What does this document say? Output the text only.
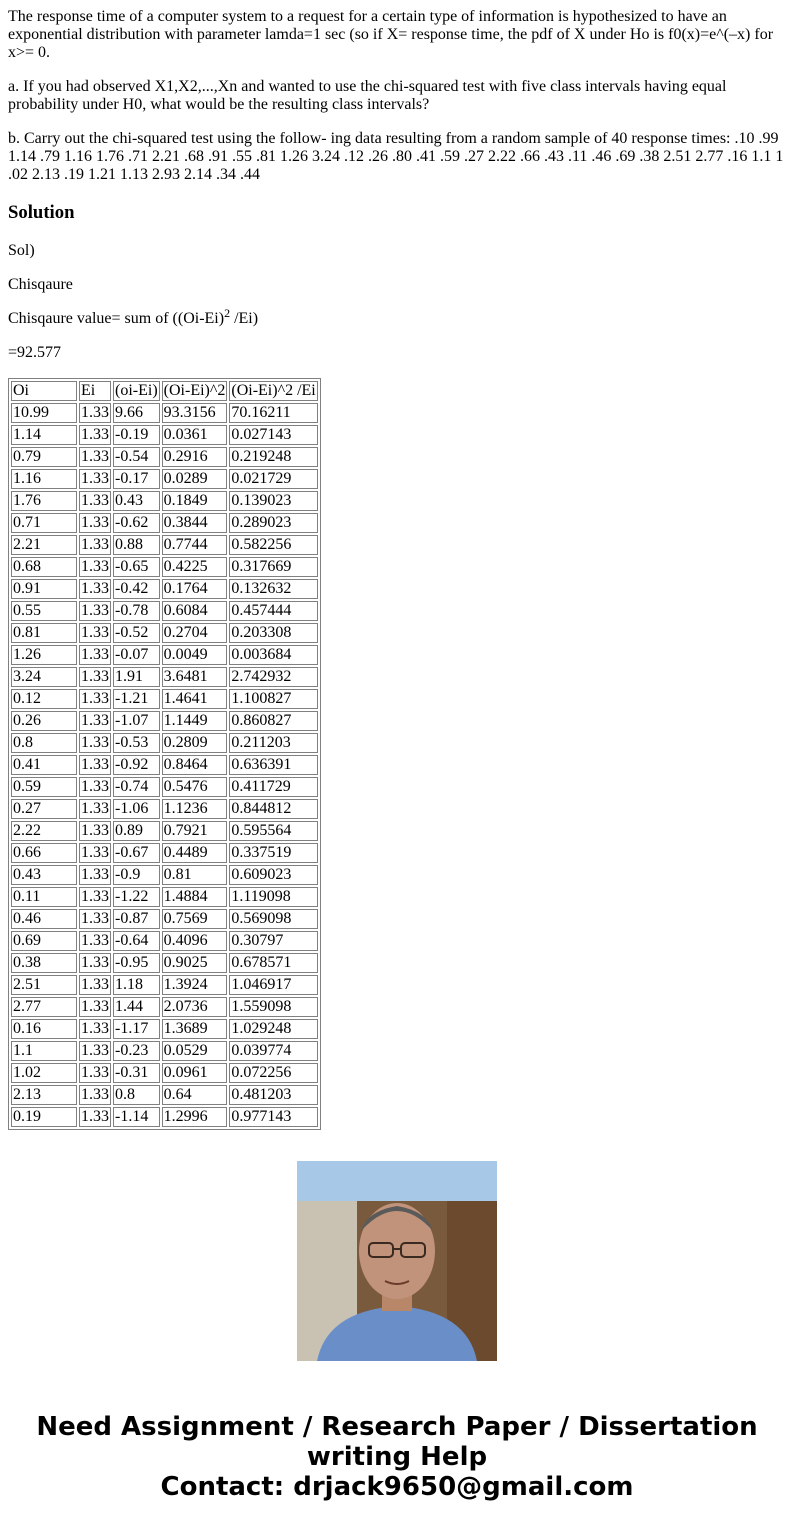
The response time of a computer system to a request for a certain type of information is hypothesized to have an exponential distribution with parameter lamda=1 sec (so if X= response time, the pdf of X under Ho is f0(x)=e^(–x) for x>= 0.

a. If you had observed X1,X2,...,Xn and wanted to use the chi-squared test with five class intervals having equal probability under H0, what would be the resulting class intervals?

b. Carry out the chi-squared test using the follow- ing data resulting from a random sample of 40 response times: .10 .99 1.14 .79 1.16 1.76 .71 2.21 .68 .91 .55 .81 1.26 3.24 .12 .26 .80 .41 .59 .27 2.22 .66 .43 .11 .46 .69 .38 2.51 2.77 .16 1.1 1 .02 2.13 .19 1.21 1.13 2.93 2.14 .34 .44

Solution

Sol)

Chisqaure

Chisqaure value= sum of ($(Oi-Ei)^2$ /Ei)

=92.577

Oi	Ei	(oi-Ei)	(Oi-Ei)^2	(Oi-Ei)^2 /Ei
10.99	1.33	9.66	93.3156	70.16211
1.14	1.33	-0.19	0.0361	0.027143
0.79	1.33	-0.54	0.2916	0.219248
1.16	1.33	-0.17	0.0289	0.021729
1.76	1.33	0.43	0.1849	0.139023
0.71	1.33	-0.62	0.3844	0.289023
2.21	1.33	0.88	0.7744	0.582256
0.68	1.33	-0.65	0.4225	0.317669
0.91	1.33	-0.42	0.1764	0.132632
0.55	1.33	-0.78	0.6084	0.457444
0.81	1.33	-0.52	0.2704	0.203308
1.26	1.33	-0.07	0.0049	0.003684
3.24	1.33	1.91	3.6481	2.742932
0.12	1.33	-1.21	1.4641	1.100827
0.26	1.33	-1.07	1.1449	0.860827
0.8	1.33	-0.53	0.2809	0.211203
0.41	1.33	-0.92	0.8464	0.636391
0.59	1.33	-0.74	0.5476	0.411729
0.27	1.33	-1.06	1.1236	0.844812
2.22	1.33	0.89	0.7921	0.595564
0.66	1.33	-0.67	0.4489	0.337519
0.43	1.33	-0.9	0.81	0.609023
0.11	1.33	-1.22	1.4884	1.119098
0.46	1.33	-0.87	0.7569	0.569098
0.69	1.33	-0.64	0.4096	0.30797
0.38	1.33	-0.95	0.9025	0.678571
2.51	1.33	1.18	1.3924	1.046917
2.77	1.33	1.44	2.0736	1.559098
0.16	1.33	-1.17	1.3689	1.029248
1.1	1.33	-0.23	0.0529	0.039774
1.02	1.33	-0.31	0.0961	0.072256
2.13	1.33	0.8	0.64	0.481203
0.19	1.33	-1.14	1.2996	0.977143
Need Assignment / Research Paper / Dissertation
writing Help
Contact: drjack9650@gmail.com
